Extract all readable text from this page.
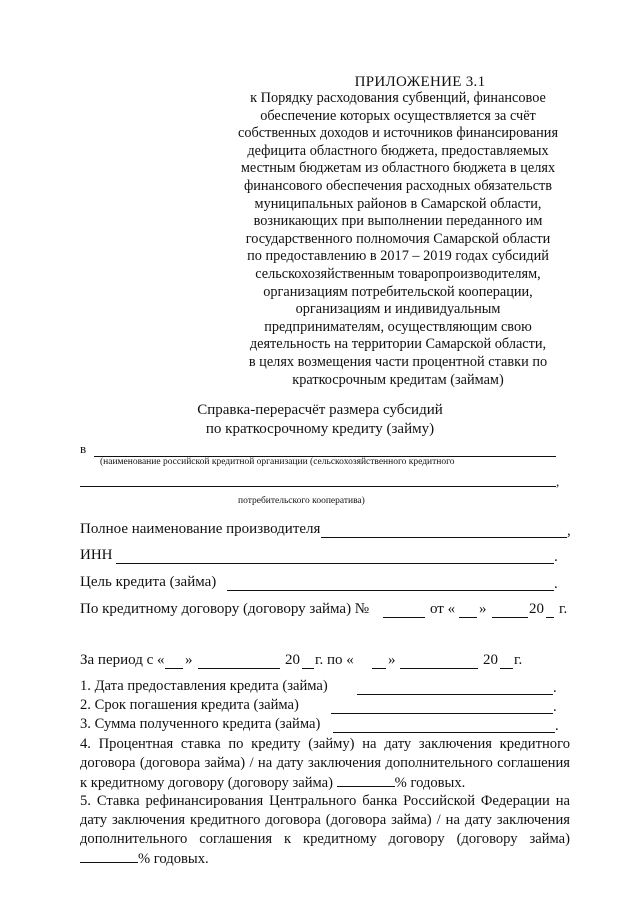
ПРИЛОЖЕНИЕ 3.1
к Порядку расходования субвенций, финансовое
обеспечение которых осуществляется за счёт
собственных доходов и источников финансирования
дефицита областного бюджета, предоставляемых
местным бюджетам из областного бюджета в целях
финансового обеспечения расходных обязательств
муниципальных районов в Самарской области,
возникающих при выполнении переданного им
государственного полномочия Самарской области
по предоставлению в 2017 – 2019 годах субсидий
сельскохозяйственным товаропроизводителям,
организациям потребительской кооперации,
организациям и индивидуальным
предпринимателям, осуществляющим свою
деятельность на территории Самарской области,
в целях возмещения части процентной ставки по
краткосрочным кредитам (займам)
Справка-перерасчёт размера субсидий
по краткосрочному кредиту (займу)
в
(наименование российской кредитной организации (сельскохозяйственного кредитного
,
потребительского кооператива)
Полное наименование производителя	,
ИНН	.
Цель кредита (займа)	.
По кредитному договору (договору займа) №	от « »	20 г.
За период с « »	20 г. по « »	20 г.
1. Дата предоставления кредита (займа)	.
2. Срок погашения кредита (займа)	.
3. Сумма полученного кредита (займа)	.
4. Процентная ставка по кредиту (займу) на дату заключения кредитного договора (договора займа) / на дату заключения дополнительного соглашения к кредитному договору (договору займа)	% годовых.
5. Ставка рефинансирования Центрального банка Российской Федерации на дату заключения кредитного договора (договора займа) / на дату заключения дополнительного соглашения к кредитному договору (договору займа) % годовых.
